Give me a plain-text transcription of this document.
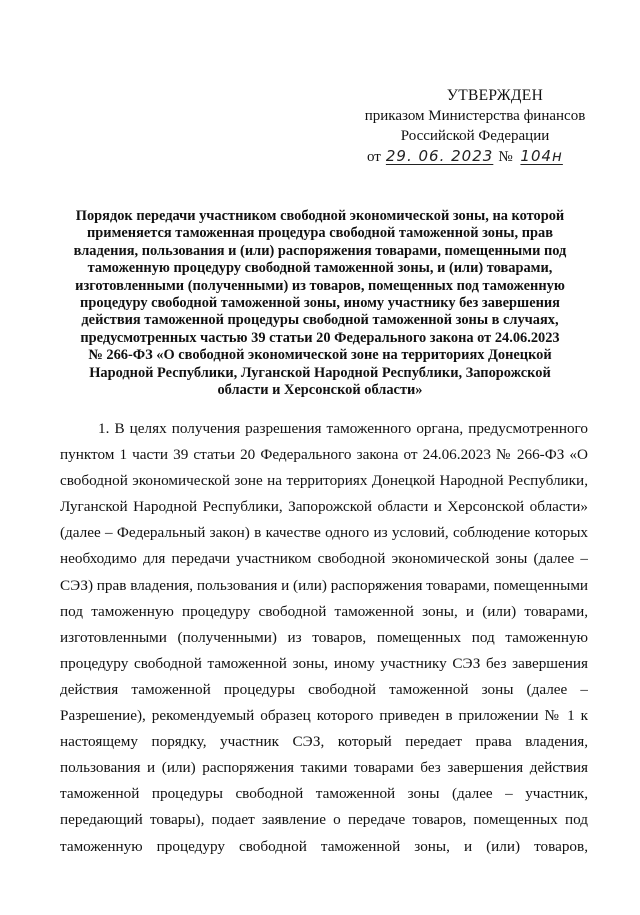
УТВЕРЖДЕН
приказом Министерства финансов
Российской Федерации
от 29. 06. 2023 № 104н
Порядок передачи участником свободной экономической зоны, на которой
применяется таможенная процедура свободной таможенной зоны, прав
владения, пользования и (или) распоряжения товарами, помещенными под
таможенную процедуру свободной таможенной зоны, и (или) товарами,
изготовленными (полученными) из товаров, помещенных под таможенную
процедуру свободной таможенной зоны, иному участнику без завершения
действия таможенной процедуры свободной таможенной зоны в случаях,
предусмотренных частью 39 статьи 20 Федерального закона от 24.06.2023
№ 266-ФЗ «О свободной экономической зоне на территориях Донецкой
Народной Республики, Луганской Народной Республики, Запорожской
области и Херсонской области»
1. В целях получения разрешения таможенного органа, предусмотренного
пунктом 1 части 39 статьи 20 Федерального закона от 24.06.2023 № 266-ФЗ «О
свободной экономической зоне на территориях Донецкой Народной Республики,
Луганской Народной Республики, Запорожской области и Херсонской области»
(далее – Федеральный закон) в качестве одного из условий, соблюдение которых
необходимо для передачи участником свободной экономической зоны (далее –
СЭЗ) прав владения, пользования и (или) распоряжения товарами, помещенными
под таможенную процедуру свободной таможенной зоны, и (или) товарами,
изготовленными (полученными) из товаров, помещенных под таможенную
процедуру свободной таможенной зоны, иному участнику СЭЗ без завершения
действия таможенной процедуры свободной таможенной зоны (далее –
Разрешение), рекомендуемый образец которого приведен в приложении № 1 к
настоящему порядку, участник СЭЗ, который передает права владения,
пользования и (или) распоряжения такими товарами без завершения действия
таможенной процедуры свободной таможенной зоны (далее – участник,
передающий товары), подает заявление о передаче товаров, помещенных под
таможенную процедуру свободной таможенной зоны, и (или) товаров,
